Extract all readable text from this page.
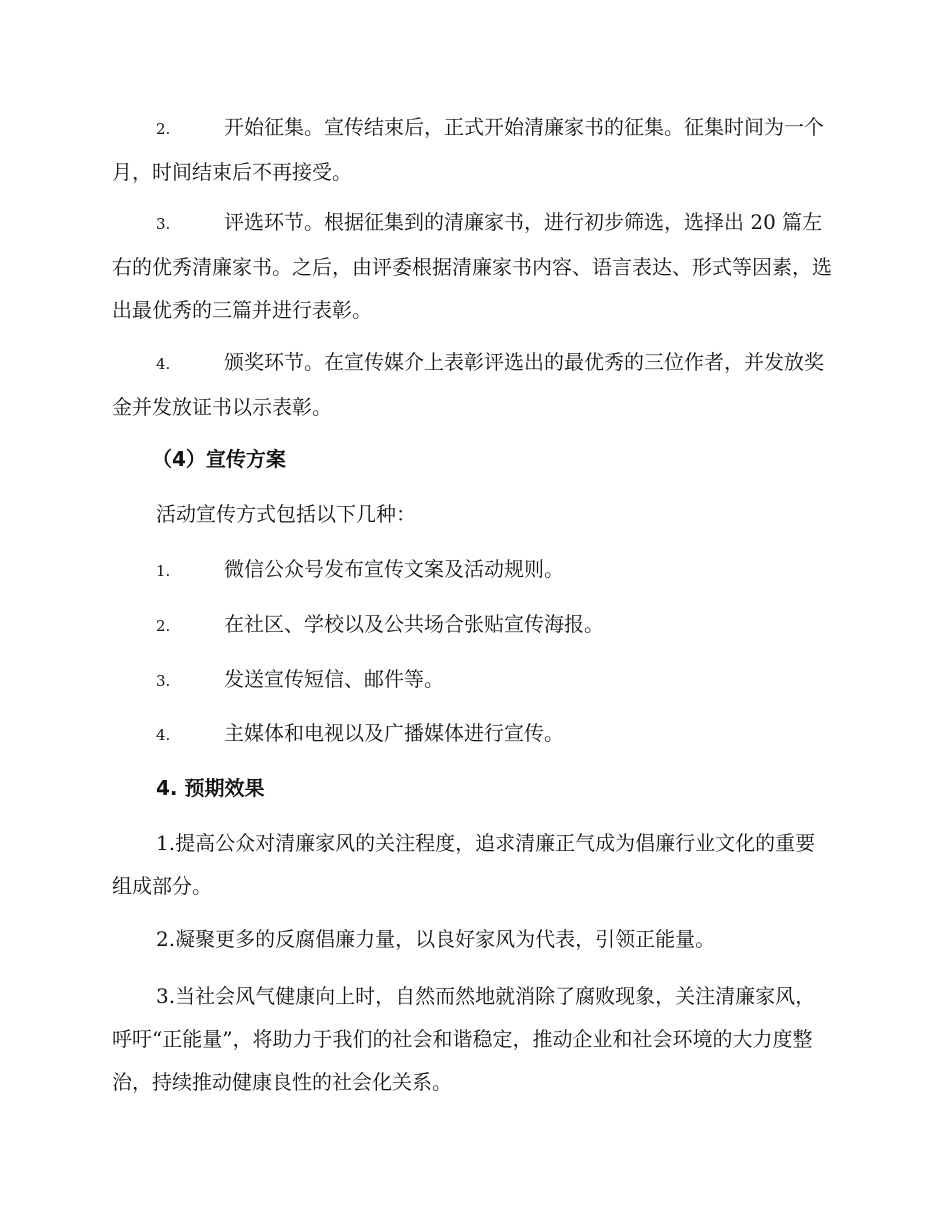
2.	开始征集。宣传结束后，正式开始清廉家书的征集。征集时间为一个月，时间结束后不再接受。
3.	评选环节。根据征集到的清廉家书，进行初步筛选，选择出 20 篇左右的优秀清廉家书。之后，由评委根据清廉家书内容、语言表达、形式等因素，选出最优秀的三篇并进行表彰。
4.	颁奖环节。在宣传媒介上表彰评选出的最优秀的三位作者，并发放奖金并发放证书以示表彰。
（4）宣传方案
活动宣传方式包括以下几种：
1.	微信公众号发布宣传文案及活动规则。
2.	在社区、学校以及公共场合张贴宣传海报。
3.	发送宣传短信、邮件等。
4.	主媒体和电视以及广播媒体进行宣传。
4. 预期效果
1.提高公众对清廉家风的关注程度，追求清廉正气成为倡廉行业文化的重要组成部分。
2.凝聚更多的反腐倡廉力量，以良好家风为代表，引领正能量。
3.当社会风气健康向上时，自然而然地就消除了腐败现象，关注清廉家风，呼吁“正能量”，将助力于我们的社会和谐稳定，推动企业和社会环境的大力度整治，持续推动健康良性的社会化关系。
